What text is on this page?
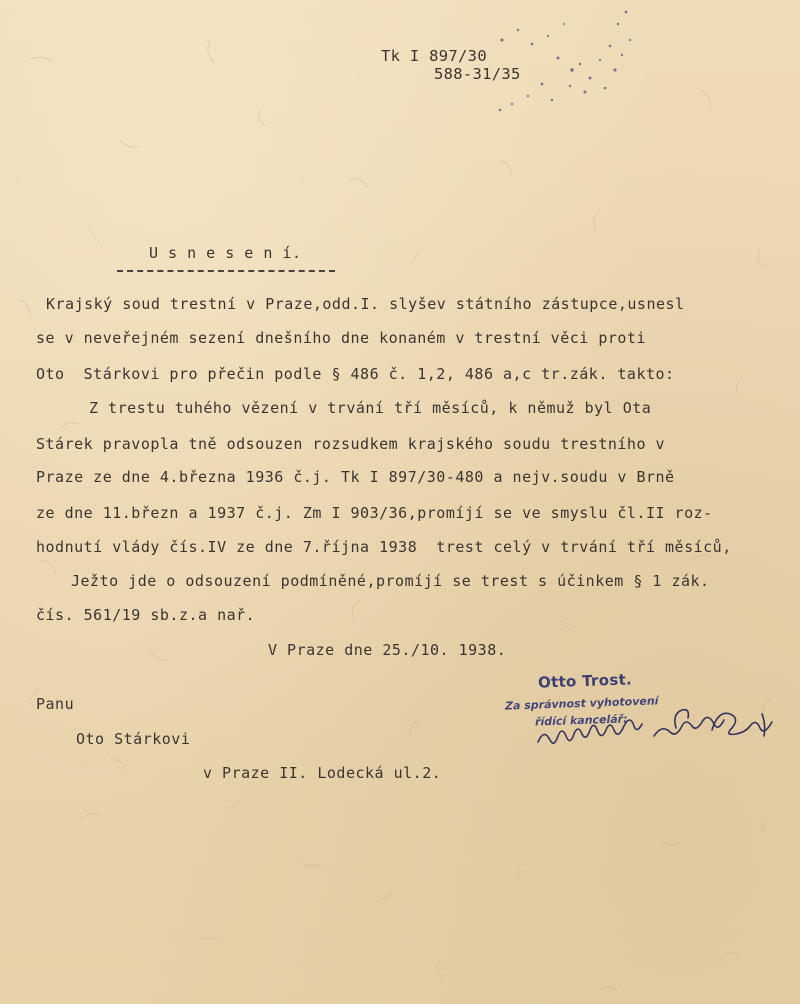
Tk I 897/30
588-31/35
U s n e s e n í.
Krajský soud trestní v Praze,odd.I. slyšev státního zástupce,usnesl
se v neveřejném sezení dnešního dne konaném v trestní věci proti
Oto  Stárkovi pro přečin podle § 486 č. 1,2, 486 a,c tr.zák. takto:
Z trestu tuhého vězení v trvání tří měsíců, k němuž byl Ota
Stárek pravopla tně odsouzen rozsudkem krajského soudu trestního v
Praze ze dne 4.března 1936 č.j. Tk I 897/30-480 a nejv.soudu v Brně
ze dne 11.březn a 1937 č.j. Zm I 903/36,promíjí se ve smyslu čl.II roz-
hodnutí vlády čís.IV ze dne 7.října 1938  trest celý v trvání tří měsíců,
Ježto jde o odsouzení podmíněné,promíjí se trest s účinkem § 1 zák.
čís. 561/19 sb.z.a nař.
V Praze dne 25./10. 1938.
Panu
Oto Stárkovi
v Praze II. Lodecká ul.2.
Otto Trost.
Za správnost vyhotovení
řídící kancelář:
